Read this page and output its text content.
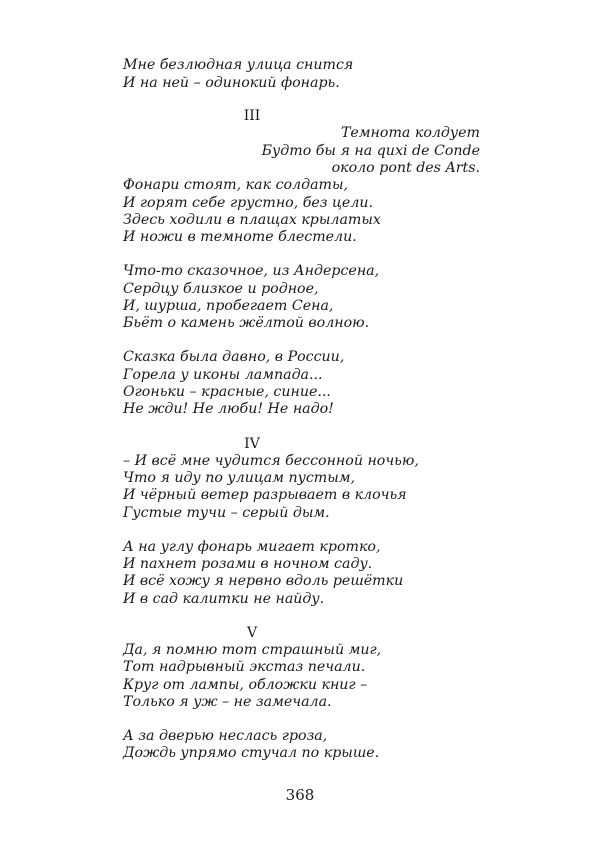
Мне безлюдная улица снится
И на ней – одинокий фонарь.
III
Темнота колдует
Будто бы я на quxi de Conde
около pont des Arts.
Фонари стоят, как солдаты,
И горят себе грустно, без цели.
Здесь ходили в плащах крылатых
И ножи в темноте блестели.
Что-то сказочное, из Андерсена,
Сердцу близкое и родное,
И, шурша, пробегает Сена,
Бьёт о камень жёлтой волною.
Сказка была давно, в России,
Горела у иконы лампада...
Огоньки – красные, синие...
Не жди! Не люби! Не надо!
IV
– И всё мне чудится бессонной ночью,
Что я иду по улицам пустым,
И чёрный ветер разрывает в клочья
Густые тучи – серый дым.
А на углу фонарь мигает кротко,
И пахнет розами в ночном саду.
И всё хожу я нервно вдоль решётки
И в сад калитки не найду.
V
Да, я помню тот страшный миг,
Тот надрывный экстаз печали.
Круг от лампы, обложки книг –
Только я уж – не замечала.
А за дверью неслась гроза,
Дождь упрямо стучал по крыше.
368
